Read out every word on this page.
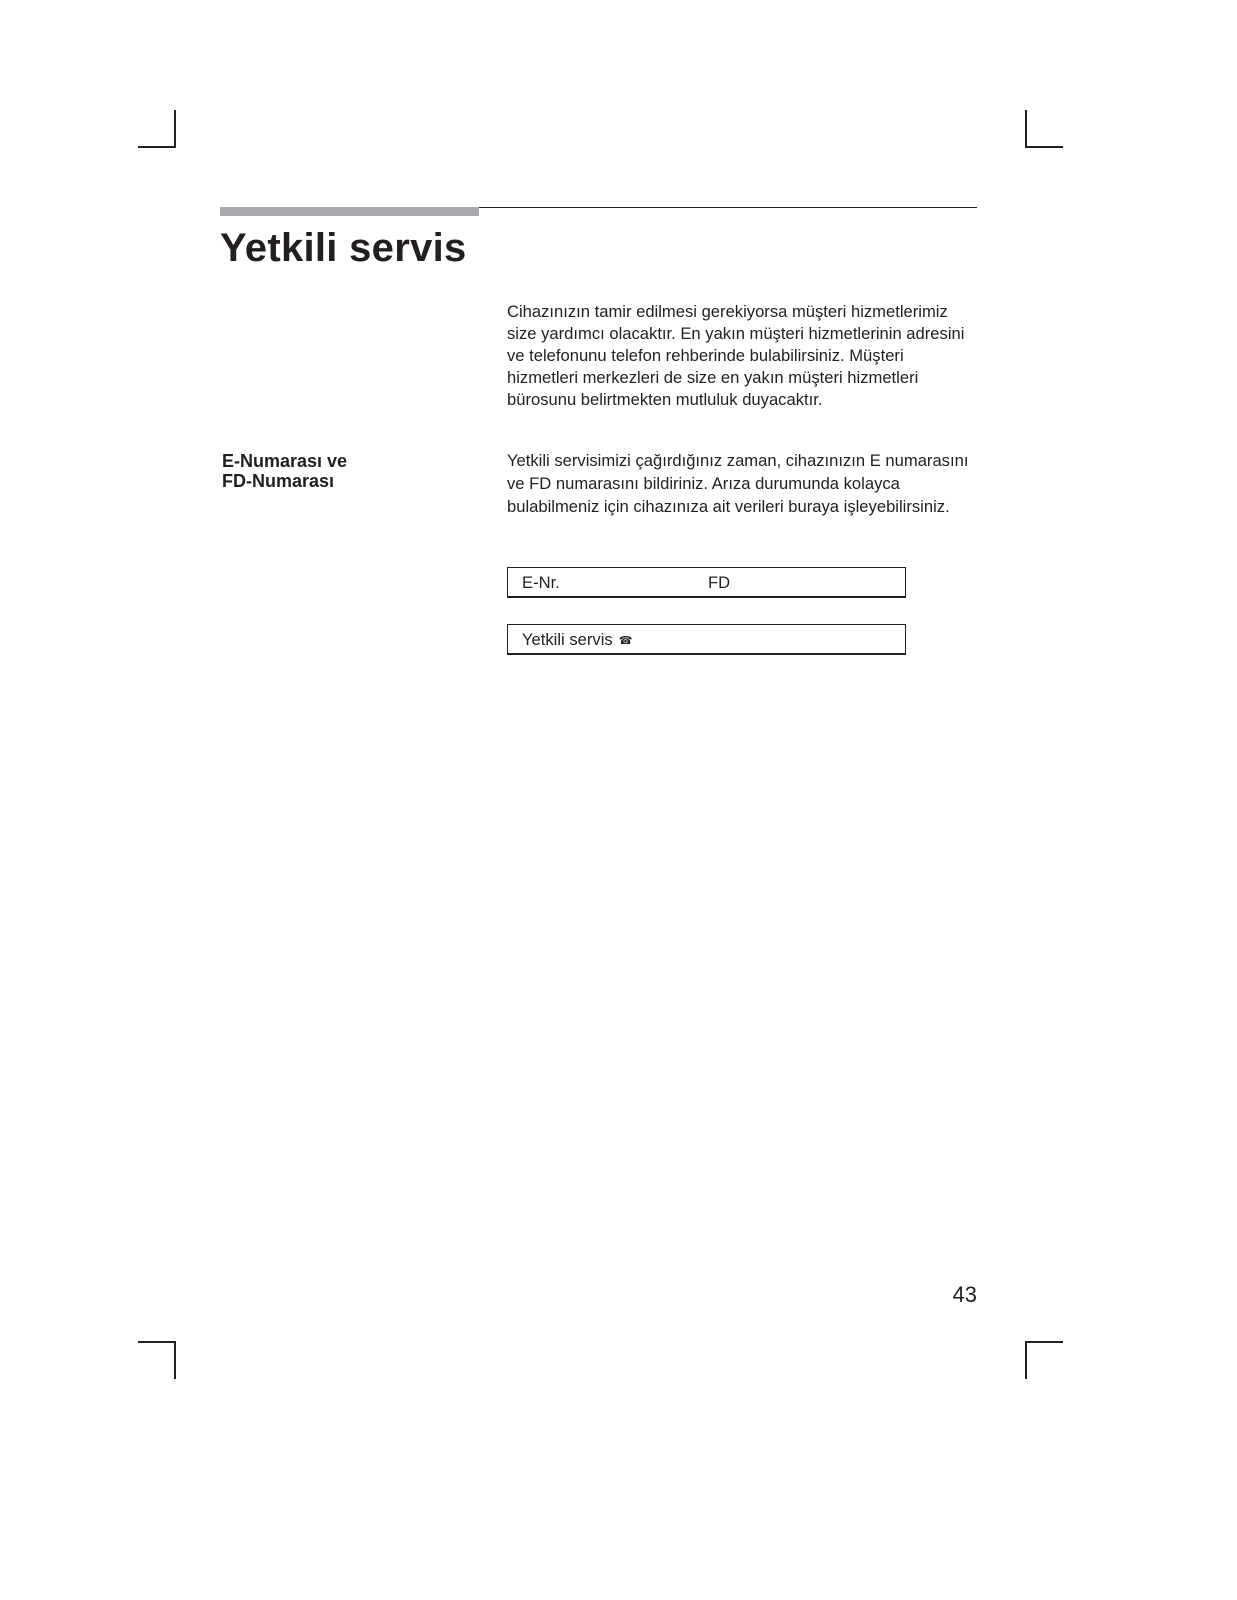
Yetkili servis

Cihazınızın tamir edilmesi gerekiyorsa müşteri hizmetlerimiz size yardımcı olacaktır. En yakın müşteri hizmetlerinin adresini ve telefonunu telefon rehberinde bulabilirsiniz. Müşteri hizmetleri merkezleri de size en yakın müşteri hizmetleri bürosunu belirtmekten mutluluk duyacaktır.

E-Numarası ve
FD-Numarası

Yetkili servisimizi çağırdığınız zaman, cihazınızın E numarasını ve FD numarasını bildiriniz. Arıza durumunda kolayca bulabilmeniz için cihazınıza ait verileri buraya işleyebilirsiniz.

E-Nr.	FD
Yetkili servis ☎
43
